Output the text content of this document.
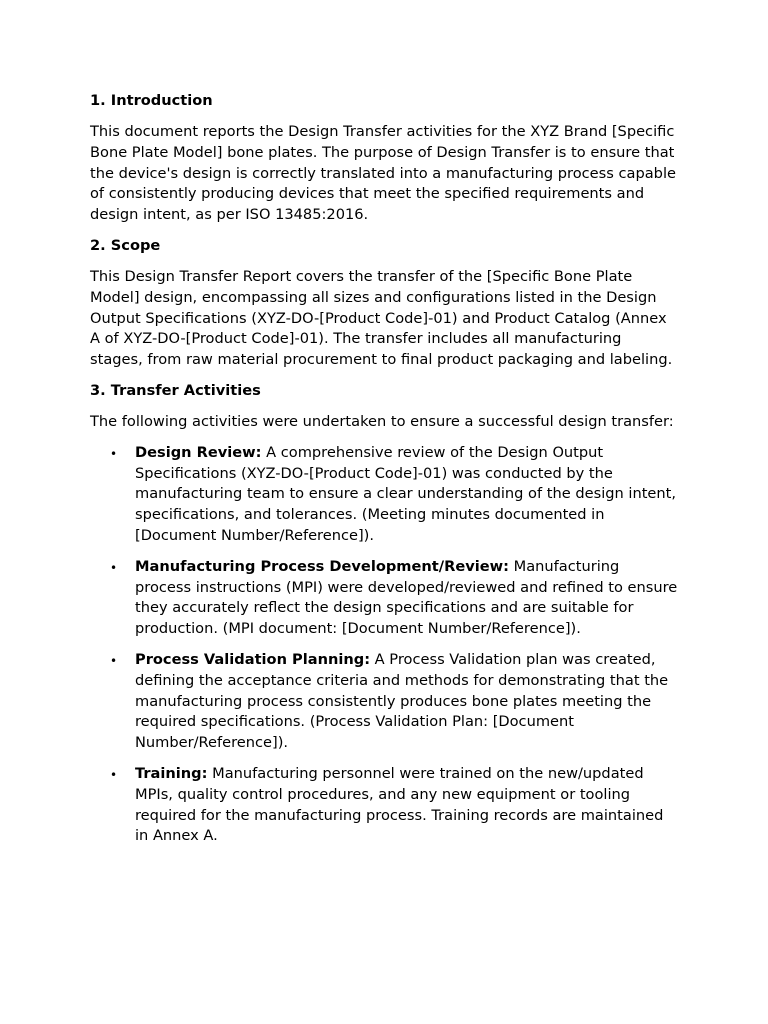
1. Introduction
This document reports the Design Transfer activities for the XYZ Brand [Specific Bone Plate Model] bone plates. The purpose of Design Transfer is to ensure that the device's design is correctly translated into a manufacturing process capable of consistently producing devices that meet the specified requirements and design intent, as per ISO 13485:2016.
2. Scope
This Design Transfer Report covers the transfer of the [Specific Bone Plate Model] design, encompassing all sizes and configurations listed in the Design Output Specifications (XYZ-DO-[Product Code]-01) and Product Catalog (Annex A of XYZ-DO-[Product Code]-01). The transfer includes all manufacturing stages, from raw material procurement to final product packaging and labeling.
3. Transfer Activities
The following activities were undertaken to ensure a successful design transfer:
• Design Review: A comprehensive review of the Design Output Specifications (XYZ-DO-[Product Code]-01) was conducted by the manufacturing team to ensure a clear understanding of the design intent, specifications, and tolerances. (Meeting minutes documented in [Document Number/Reference]).
• Manufacturing Process Development/Review: Manufacturing process instructions (MPI) were developed/reviewed and refined to ensure they accurately reflect the design specifications and are suitable for production. (MPI document: [Document Number/Reference]).
• Process Validation Planning: A Process Validation plan was created, defining the acceptance criteria and methods for demonstrating that the manufacturing process consistently produces bone plates meeting the required specifications. (Process Validation Plan: [Document Number/Reference]).
• Training: Manufacturing personnel were trained on the new/updated MPIs, quality control procedures, and any new equipment or tooling required for the manufacturing process. Training records are maintained in Annex A.
